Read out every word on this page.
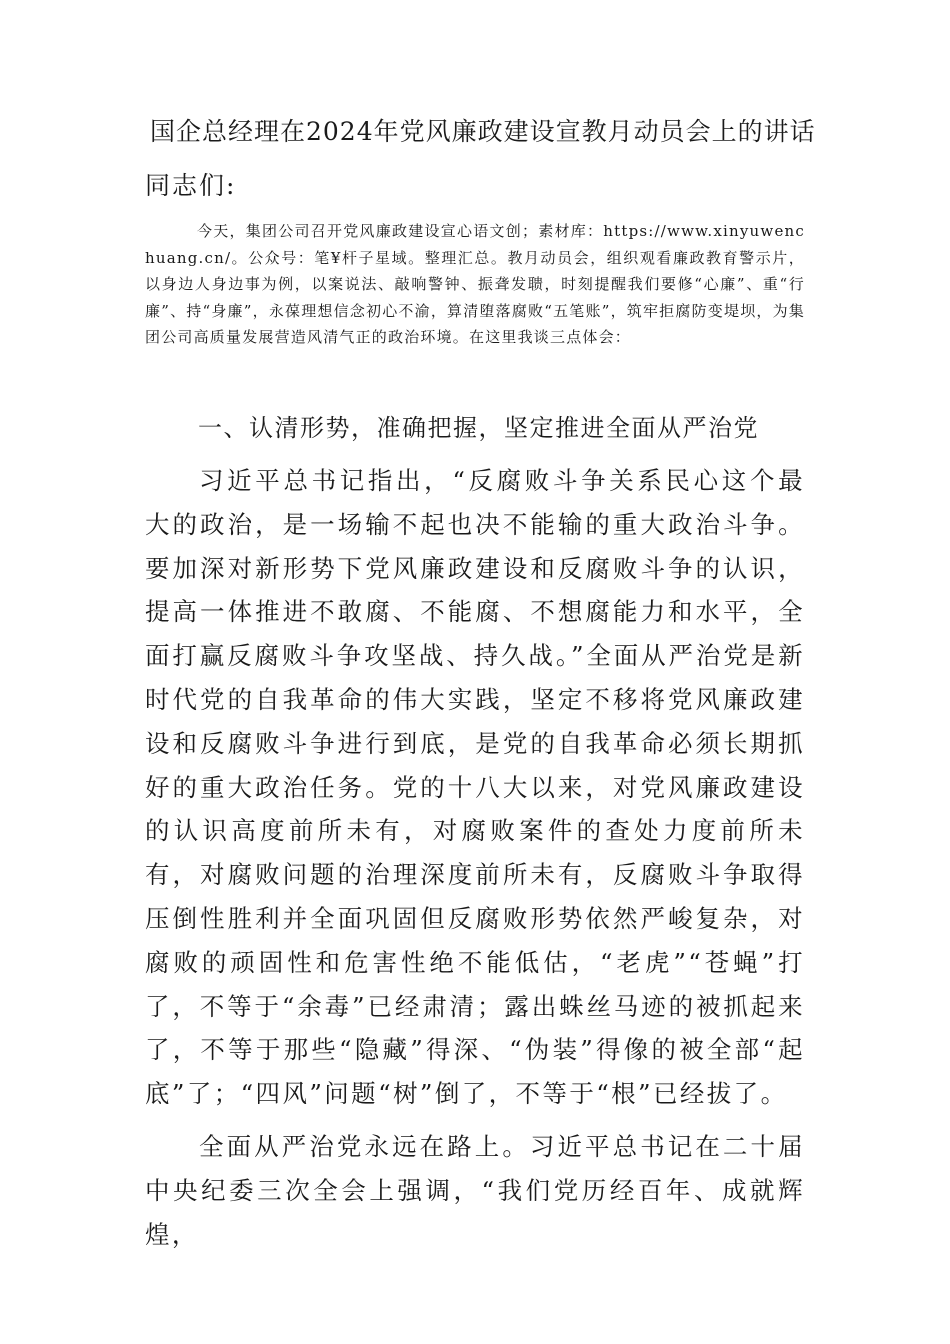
国企总经理在2024年党风廉政建设宣教月动员会上的讲话
同志们:

今天，集团公司召开党风廉政建设宣心语文创；素材库：https://www.xinyuwenchuang.cn/。公众号：笔¥杆子星域。整理汇总。教月动员会，组织观看廉政教育警示片，以身边人身边事为例，以案说法、敲响警钟、振聋发聩，时刻提醒我们要修“心廉”、重“行廉”、持“身廉”，永葆理想信念初心不渝，算清堕落腐败“五笔账”，筑牢拒腐防变堤坝，为集团公司高质量发展营造风清气正的政治环境。在这里我谈三点体会：

一、认清形势，准确把握，坚定推进全面从严治党

习近平总书记指出，“反腐败斗争关系民心这个最大的政治，是一场输不起也决不能输的重大政治斗争。要加深对新形势下党风廉政建设和反腐败斗争的认识，提高一体推进不敢腐、不能腐、不想腐能力和水平，全面打赢反腐败斗争攻坚战、持久战。”全面从严治党是新时代党的自我革命的伟大实践，坚定不移将党风廉政建设和反腐败斗争进行到底，是党的自我革命必须长期抓好的重大政治任务。党的十八大以来，对党风廉政建设的认识高度前所未有，对腐败案件的查处力度前所未有，对腐败问题的治理深度前所未有，反腐败斗争取得压倒性胜利并全面巩固但反腐败形势依然严峻复杂，对腐败的顽固性和危害性绝不能低估，“老虎”“苍蝇”打了，不等于“余毒”已经肃清；露出蛛丝马迹的被抓起来了，不等于那些“隐藏”得深、“伪装”得像的被全部“起底”了；“四风”问题“树”倒了，不等于“根”已经拔了。

全面从严治党永远在路上。习近平总书记在二十届中央纪委三次全会上强调，“我们党历经百年、成就辉煌，
